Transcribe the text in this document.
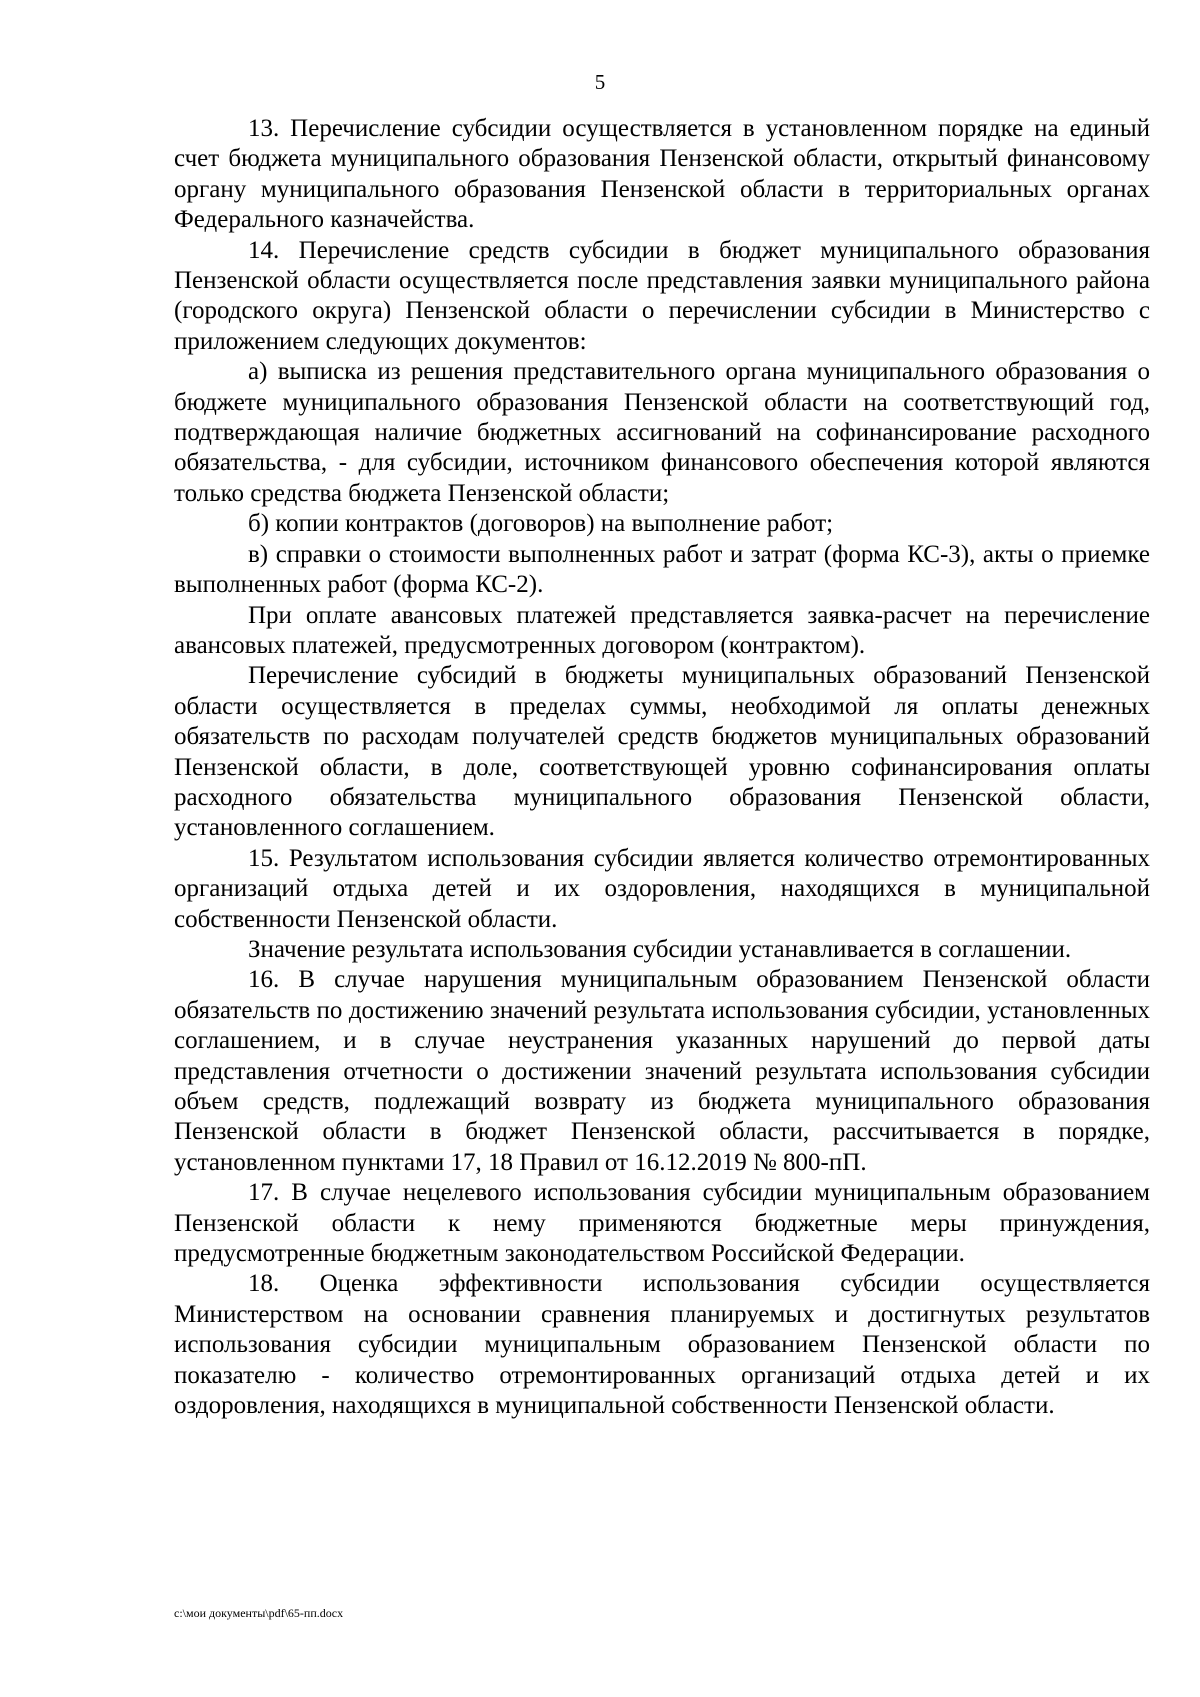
5

13. Перечисление субсидии осуществляется в установленном порядке на единый счет бюджета муниципального образования Пензенской области, открытый финансовому органу муниципального образования Пензенской области в территориальных органах Федерального казначейства.

14. Перечисление средств субсидии в бюджет муниципального образования Пензенской области осуществляется после представления заявки муниципального района (городского округа) Пензенской области о перечислении субсидии в Министерство с приложением следующих документов:

а) выписка из решения представительного органа муниципального образования о бюджете муниципального образования Пензенской области на соответствующий год, подтверждающая наличие бюджетных ассигнований на софинансирование расходного обязательства, - для субсидии, источником финансового обеспечения которой являются только средства бюджета Пензенской области;

б) копии контрактов (договоров) на выполнение работ;

в) справки о стоимости выполненных работ и затрат (форма КС-3), акты о приемке выполненных работ (форма КС-2).

При оплате авансовых платежей представляется заявка-расчет на перечисление авансовых платежей, предусмотренных договором (контрактом).

Перечисление субсидий в бюджеты муниципальных образований Пензенской области осуществляется в пределах суммы, необходимой ля оплаты денежных обязательств по расходам получателей средств бюджетов муниципальных образований Пензенской области, в доле, соответствующей уровню софинансирования оплаты расходного обязательства муниципального образования Пензенской области, установленного соглашением.

15. Результатом использования субсидии является количество отремонтированных организаций отдыха детей и их оздоровления, находящихся в муниципальной собственности Пензенской области.

Значение результата использования субсидии устанавливается в соглашении.

16. В случае нарушения муниципальным образованием Пензенской области обязательств по достижению значений результата использования субсидии, установленных соглашением, и в случае неустранения указанных нарушений до первой даты представления отчетности о достижении значений результата использования субсидии объем средств, подлежащий возврату из бюджета муниципального образования Пензенской области в бюджет Пензенской области, рассчитывается в порядке, установленном пунктами 17, 18 Правил от 16.12.2019 № 800-пП.

17. В случае нецелевого использования субсидии муниципальным образованием Пензенской области к нему применяются бюджетные меры принуждения, предусмотренные бюджетным законодательством Российской Федерации.

18. Оценка эффективности использования субсидии осуществляется Министерством на основании сравнения планируемых и достигнутых результатов использования субсидии муниципальным образованием Пензенской области по показателю - количество отремонтированных организаций отдыха детей и их оздоровления, находящихся в муниципальной собственности Пензенской области.

c:\мои документы\pdf\65-пп.docx
